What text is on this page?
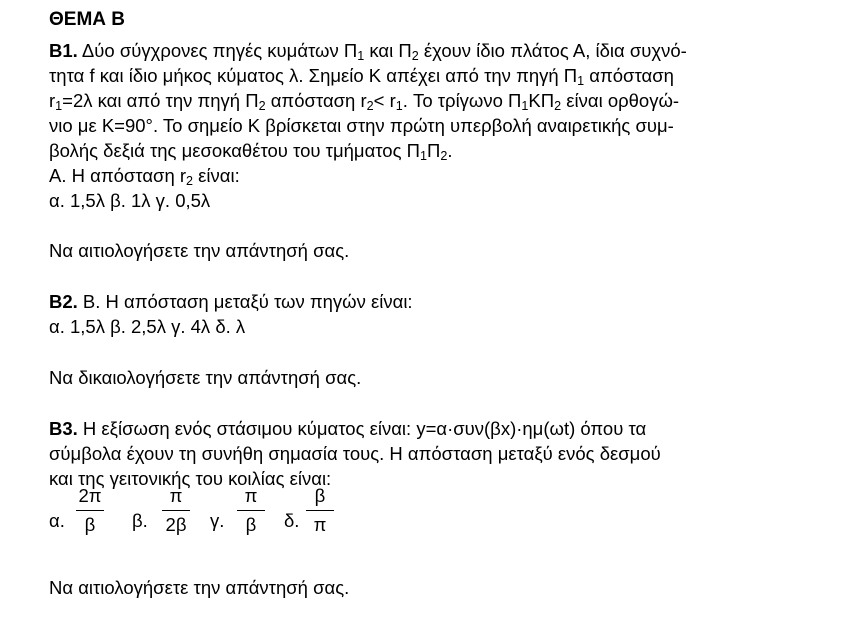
ΘΕΜΑ Β
Β1. Δύο σύγχρονες πηγές κυμάτων $\Pi_1$ και $\Pi_2$ έχουν ίδιο πλάτος Α, ίδια συχνό-
τητα f και ίδιο μήκος κύματος λ. Σημείο Κ απέχει από την πηγή $\Pi_1$ απόσταση
$r_1=2\lambda$ και από την πηγή $\Pi_2$ απόσταση $r_2< r_1$. Το τρίγωνο $\Pi_1K\Pi_2$ είναι ορθογώ-
νιο με Κ=90°. Το σημείο Κ βρίσκεται στην πρώτη υπερβολή αναιρετικής συμ-
βολής δεξιά της μεσοκαθέτου του τμήματος $\Pi_1\Pi_2$.
Α. Η απόσταση $r_2$ είναι:
α. 1,5λ β. 1λ γ. 0,5λ
Να αιτιολογήσετε την απάντησή σας.
Β2. Β. Η απόσταση μεταξύ των πηγών είναι:
α. 1,5λ β. 2,5λ γ. 4λ δ. λ
Να δικαιολογήσετε την απάντησή σας.
Β3. Η εξίσωση ενός στάσιμου κύματος είναι: y=α·συν(βx)·ημ(ωt) όπου τα
σύμβολα έχουν τη συνήθη σημασία τους. Η απόσταση μεταξύ ενός δεσμού
και της γειτονικής του κοιλίας είναι:
α.
2π
β	β.
π
2β	γ.
π
β	δ.
β
π
Να αιτιολογήσετε την απάντησή σας.
